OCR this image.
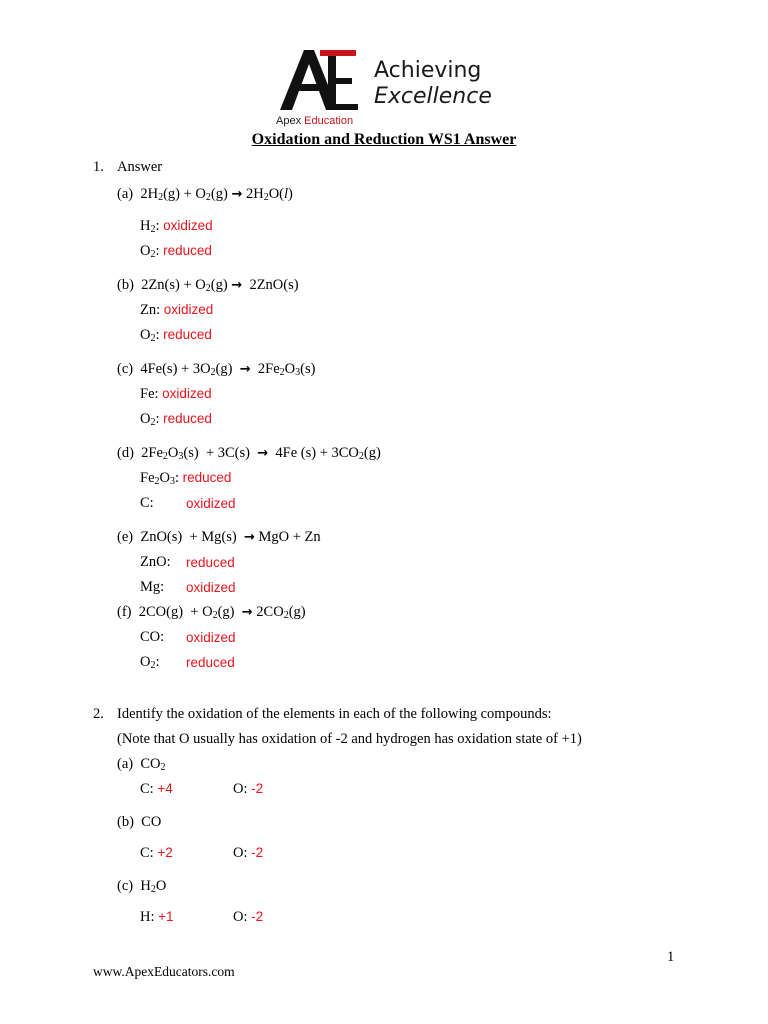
Achieving
Excellence
Apex Education
Oxidation and Reduction WS1 Answer
1. Answer
(a)  $2H_2(g) + O_2(g) \to 2H_2O(l)$
$H_2$: oxidized
$O_2$: reduced
(b)  $2Zn(s) + O_2(g) \to 2ZnO(s)$
Zn: oxidized
$O_2$: reduced
(c)  $4Fe(s) + 3O_2(g) \to 2Fe_2O_3(s)$
Fe: oxidized
$O_2$: reduced
(d)  $2Fe_2O_3(s) + 3C(s) \to 4Fe$ $(s) + 3CO_2(g)$
$Fe_2O_3$: reduced
C: oxidized
(e)  ZnO(s)  + Mg(s)  → MgO + Zn
ZnO: reduced
Mg: oxidized
(f)  $2CO(g) + O_2(g) \to 2CO_2(g)$
CO: oxidized
$O_2$: reduced
2. Identify the oxidation of the elements in each of the following compounds:
(Note that O usually has oxidation of -2 and hydrogen has oxidation state of +1)
(a)  $CO_2$
C: +4	O: -2
(b) CO
C: +2	O: -2
(c)  $H_2O$
H: +1	O: -2
1
www.ApexEducators.com
